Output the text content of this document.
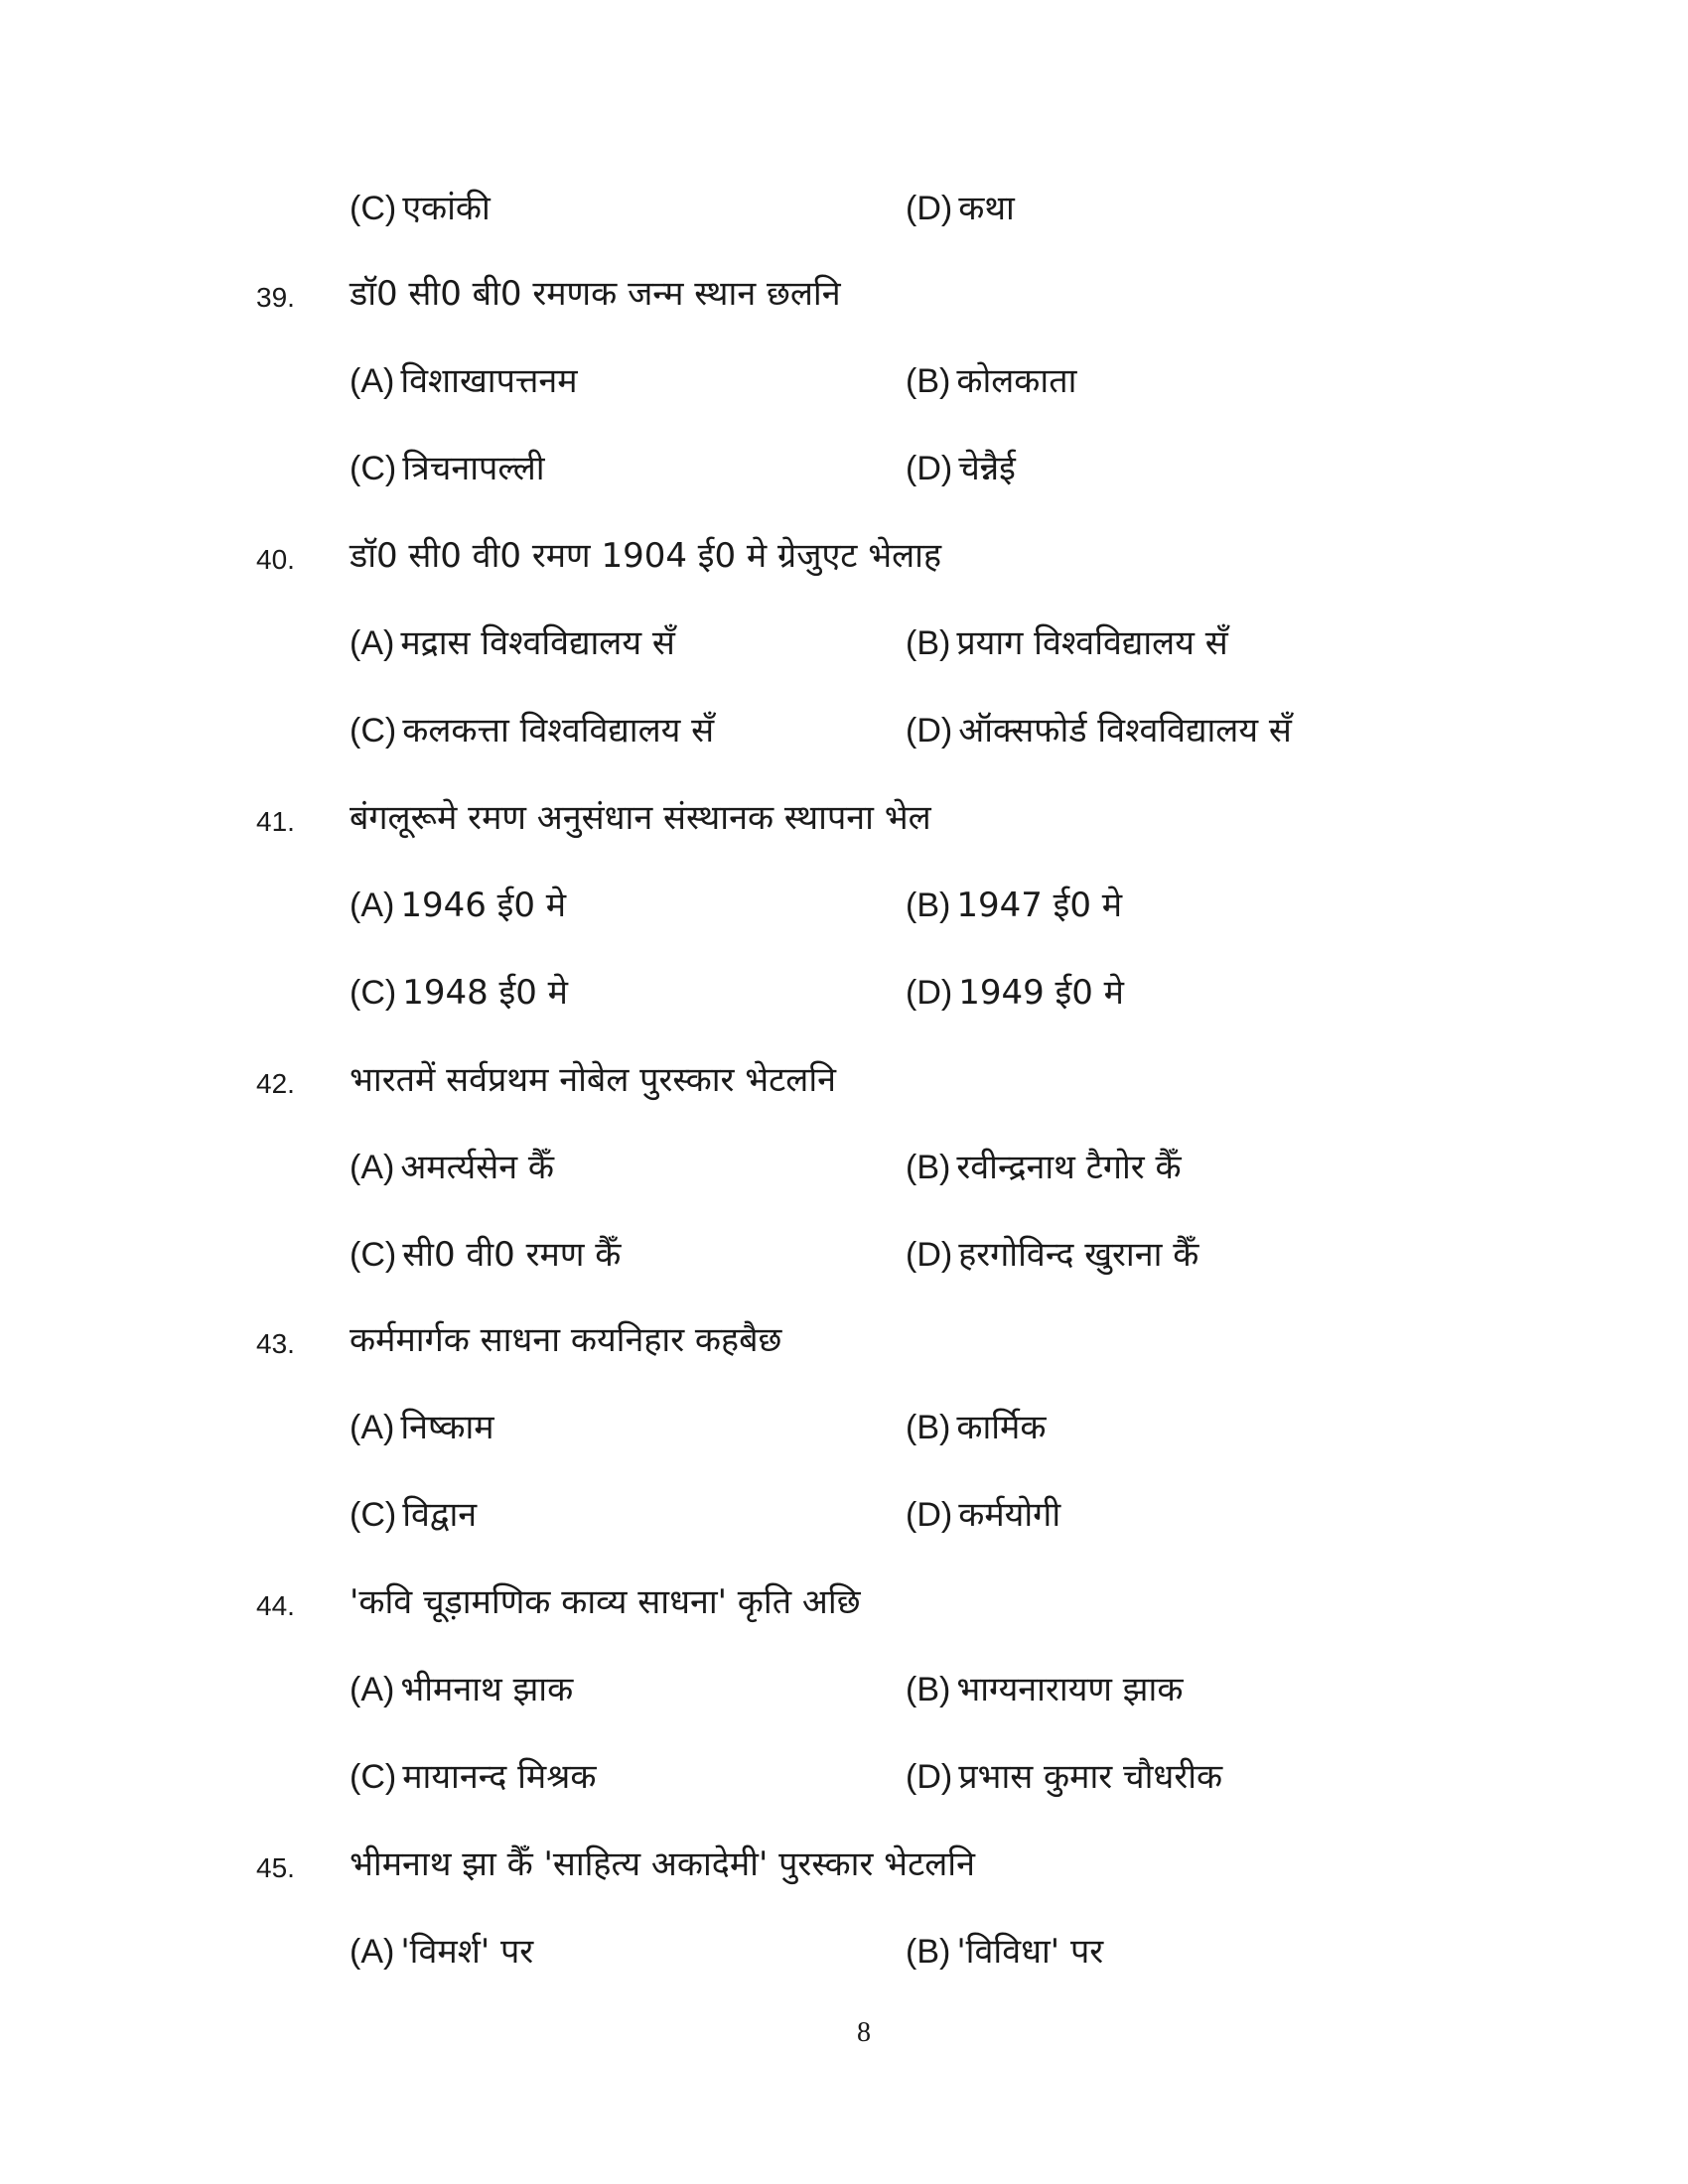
(C) एकांकी	(D) कथा
39.	डॉ0 सी0 बी0 रमणक जन्म स्थान छलनि
(A) विशाखापत्तनम	(B) कोलकाता
(C) त्रिचनापल्ली	(D) चेन्नैई
40.	डॉ0 सी0 वी0 रमण 1904 ई0 मे ग्रेजुएट भेलाह
(A) मद्रास विश्वविद्यालय सँ	(B) प्रयाग विश्वविद्यालय सँ
(C) कलकत्ता विश्वविद्यालय सँ	(D) ऑक्सफोर्ड विश्वविद्यालय सँ
41.	बंगलूरूमे रमण अनुसंधान संस्थानक स्थापना भेल
(A) 1946 ई0 मे	(B) 1947 ई0 मे
(C) 1948 ई0 मे	(D) 1949 ई0 मे
42.	भारतमें सर्वप्रथम नोबेल पुरस्कार भेटलनि
(A) अमर्त्यसेन कैँ	(B) रवीन्द्रनाथ टैगोर कैँ
(C) सी0 वी0 रमण कैँ	(D) हरगोविन्द खुराना कैँ
43.	कर्ममार्गक साधना कयनिहार कहबैछ
(A) निष्काम	(B) कार्मिक
(C) विद्वान	(D) कर्मयोगी
44.	'कवि चूड़ामणिक काव्य साधना' कृति अछि
(A) भीमनाथ झाक	(B) भाग्यनारायण झाक
(C) मायानन्द मिश्रक	(D) प्रभास कुमार चौधरीक
45.	भीमनाथ झा कैँ 'साहित्य अकादेमी' पुरस्कार भेटलनि
(A) 'विमर्श' पर	(B) 'विविधा' पर
8
